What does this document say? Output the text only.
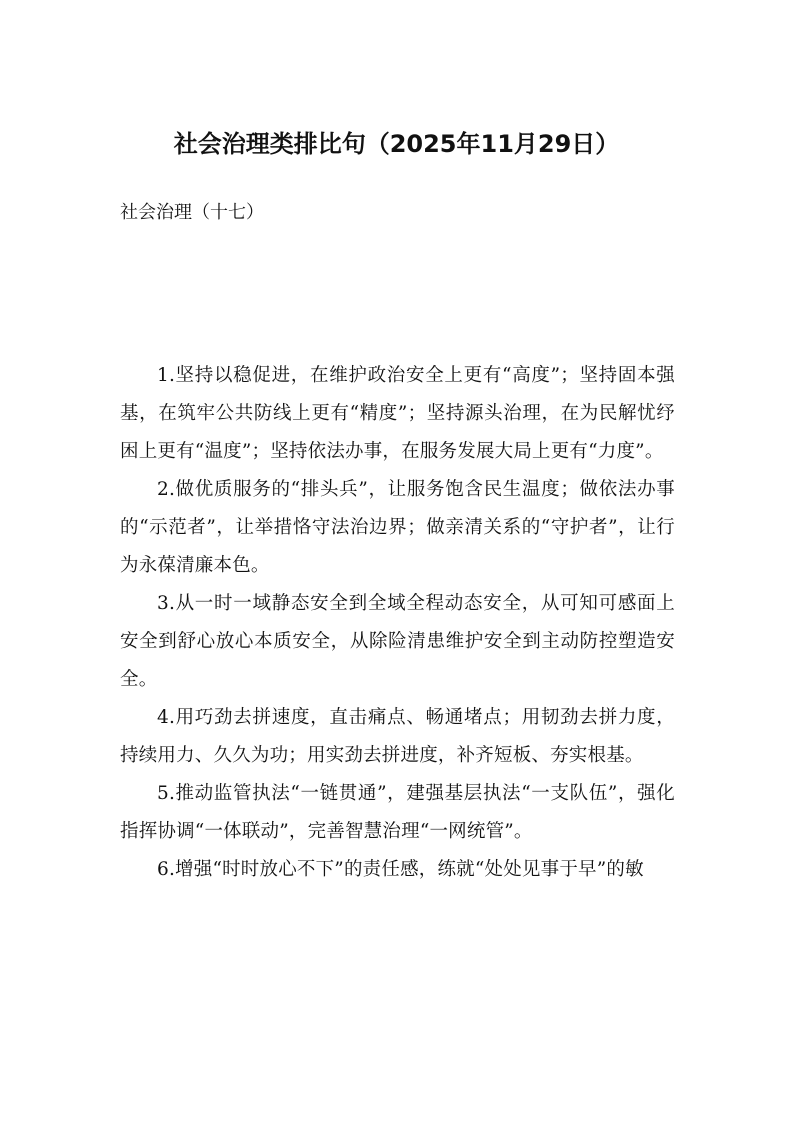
社会治理类排比句（2025年11月29日）
社会治理（十七）

1.坚持以稳促进，在维护政治安全上更有“高度”；坚持固本强基，在筑牢公共防线上更有“精度”；坚持源头治理，在为民解忧纾困上更有“温度”；坚持依法办事，在服务发展大局上更有“力度”。

2.做优质服务的“排头兵”，让服务饱含民生温度；做依法办事的“示范者”，让举措恪守法治边界；做亲清关系的“守护者”，让行为永葆清廉本色。

3.从一时一域静态安全到全域全程动态安全，从可知可感面上安全到舒心放心本质安全，从除险清患维护安全到主动防控塑造安全。

4.用巧劲去拼速度，直击痛点、畅通堵点；用韧劲去拼力度，持续用力、久久为功；用实劲去拼进度，补齐短板、夯实根基。

5.推动监管执法“一链贯通”，建强基层执法“一支队伍”，强化指挥协调“一体联动”，完善智慧治理“一网统管”。

6.增强“时时放心不下”的责任感，练就“处处见事于早”的敏
